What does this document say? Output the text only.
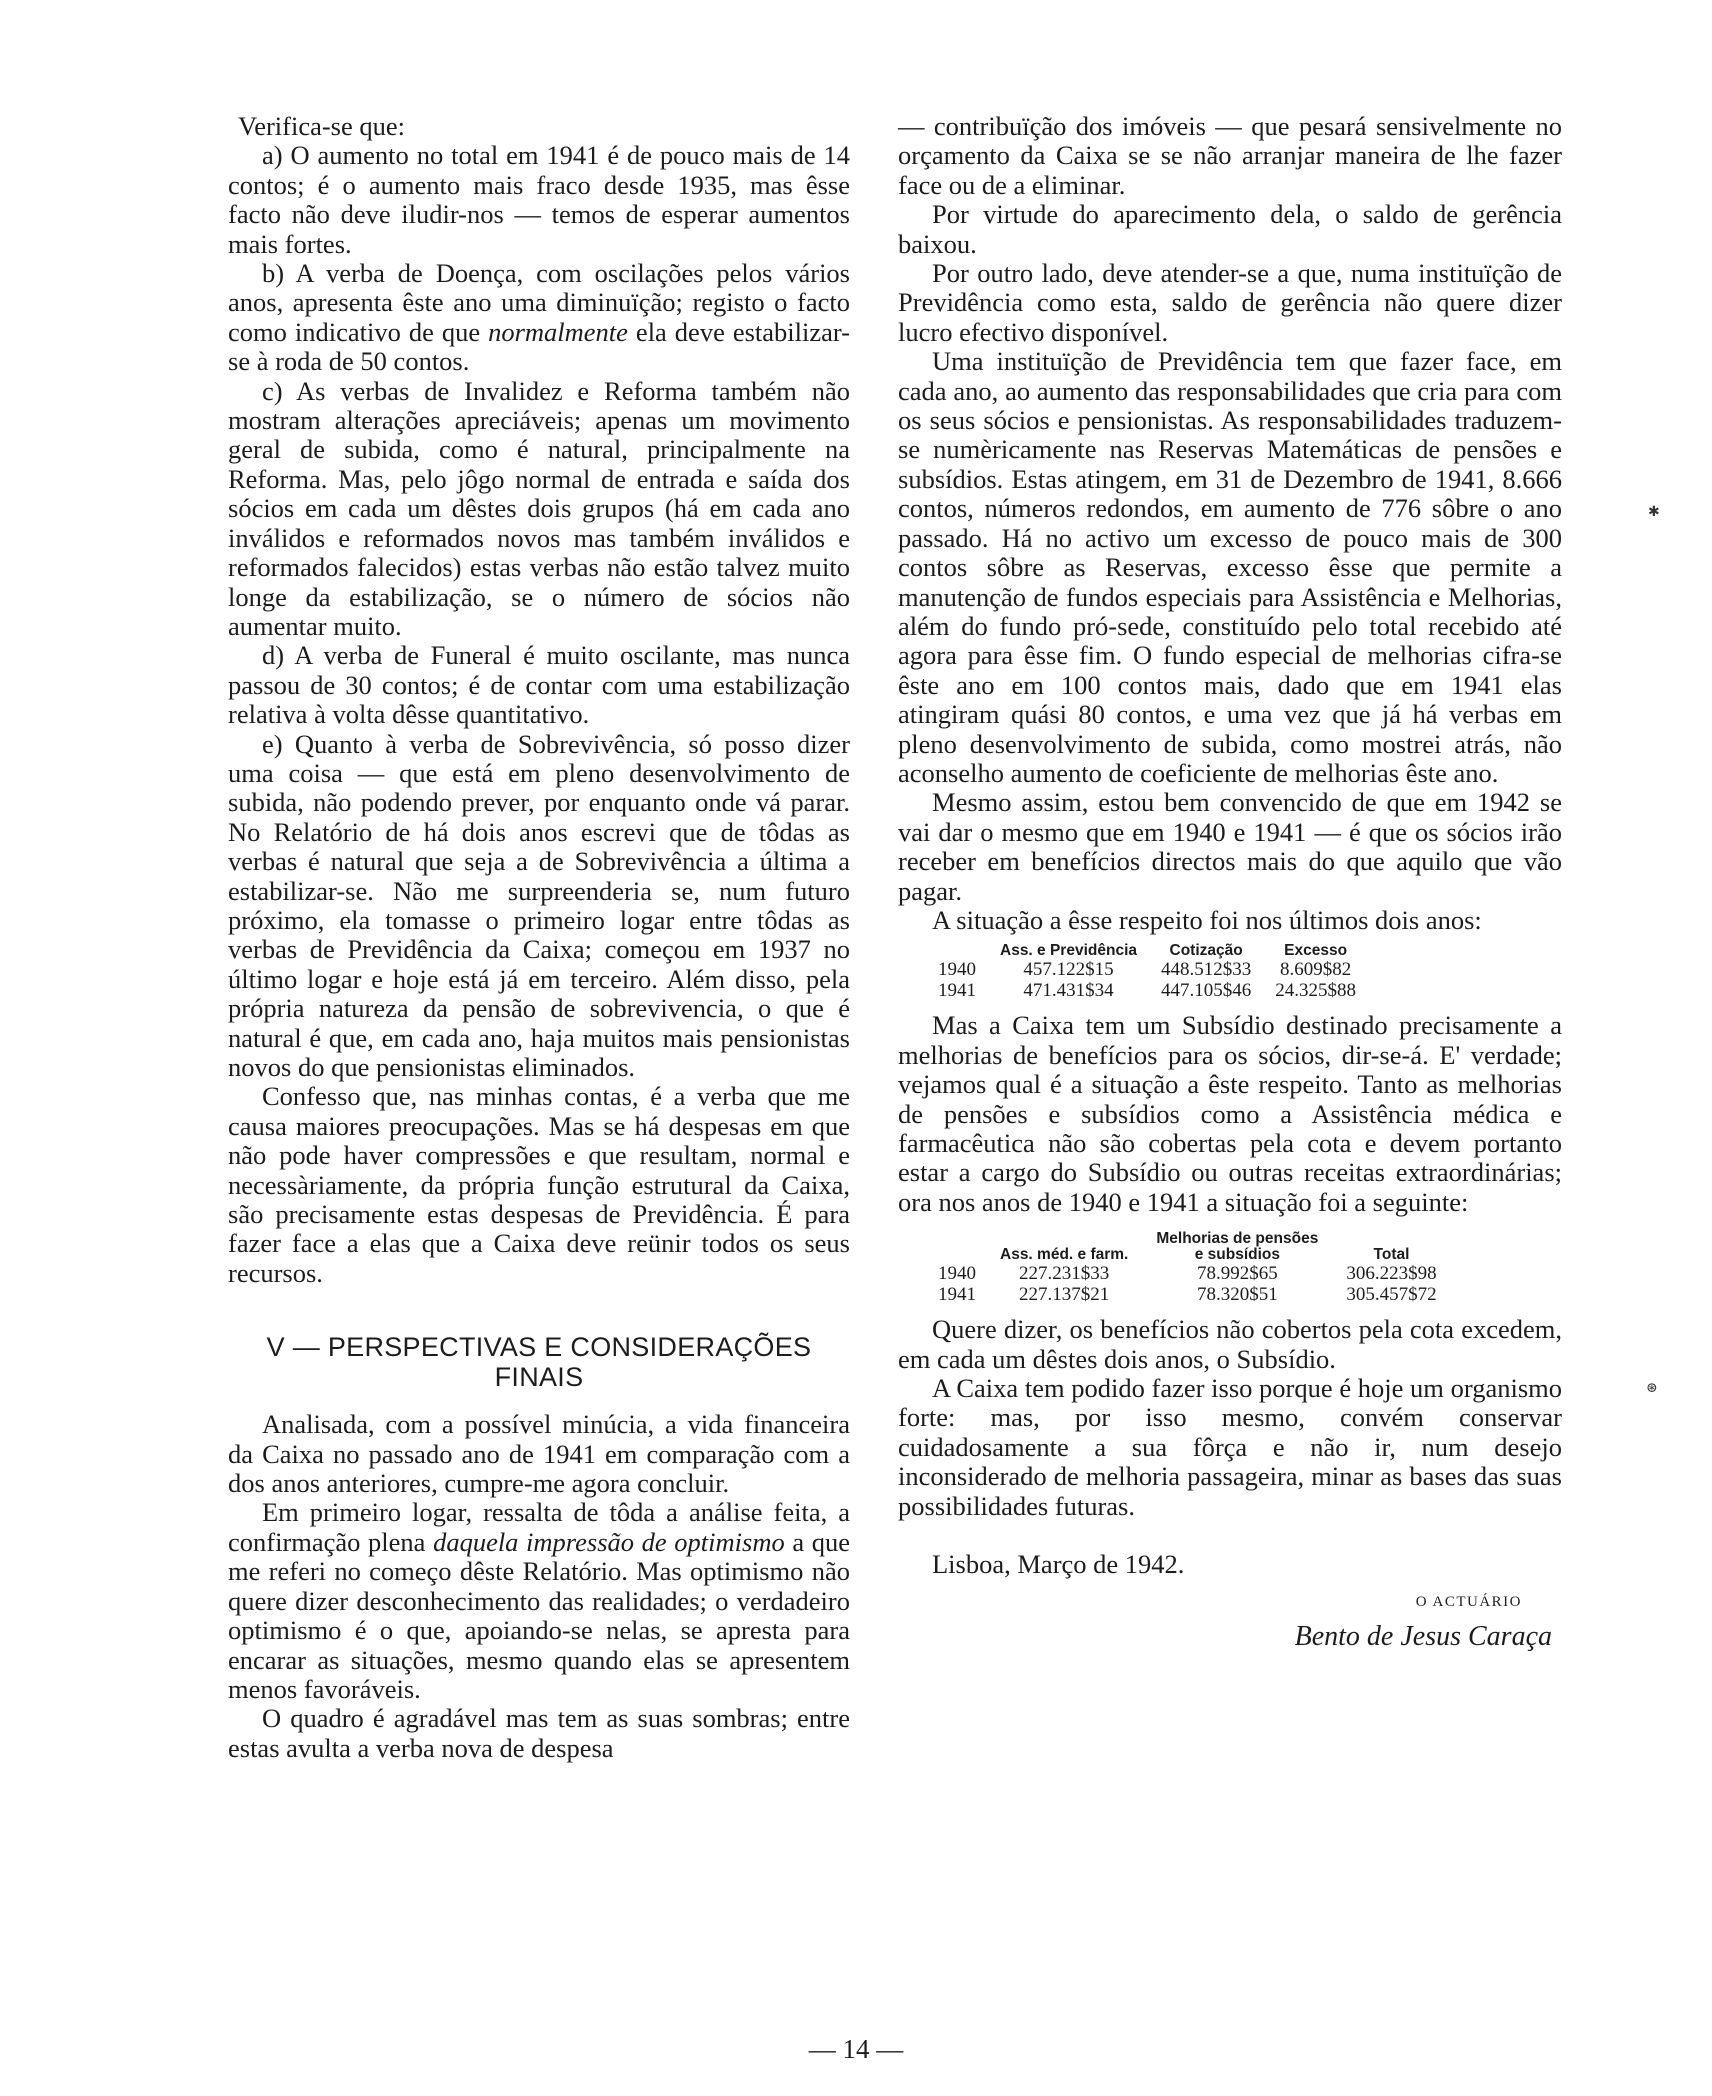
Verifica-se que:

a) O aumento no total em 1941 é de pouco mais de 14 contos; é o aumento mais fraco desde 1935, mas êsse facto não deve iludir-nos — temos de esperar aumentos mais fortes.

b) A verba de Doença, com oscilações pelos vários anos, apresenta êste ano uma diminuïção; registo o facto como indicativo de que normalmente ela deve estabilizar-se à roda de 50 contos.

c) As verbas de Invalidez e Reforma também não mostram alterações apreciáveis; apenas um movimento geral de subida, como é natural, principalmente na Reforma. Mas, pelo jôgo normal de entrada e saída dos sócios em cada um dêstes dois grupos (há em cada ano inválidos e reformados novos mas também inválidos e reformados falecidos) estas verbas não estão talvez muito longe da estabilização, se o número de sócios não aumentar muito.

d) A verba de Funeral é muito oscilante, mas nunca passou de 30 contos; é de contar com uma estabilização relativa à volta dêsse quantitativo.

e) Quanto à verba de Sobrevivência, só posso dizer uma coisa — que está em pleno desenvolvimento de subida, não podendo prever, por enquanto onde vá parar. No Relatório de há dois anos escrevi que de tôdas as verbas é natural que seja a de Sobrevivência a última a estabilizar-se. Não me surpreenderia se, num futuro próximo, ela tomasse o primeiro logar entre tôdas as verbas de Previdência da Caixa; começou em 1937 no último logar e hoje está já em terceiro. Além disso, pela própria natureza da pensão de sobrevivencia, o que é natural é que, em cada ano, haja muitos mais pensionistas novos do que pensionistas eliminados.

Confesso que, nas minhas contas, é a verba que me causa maiores preocupações. Mas se há despesas em que não pode haver compressões e que resultam, normal e necessàriamente, da própria função estrutural da Caixa, são precisamente estas despesas de Previdência. É para fazer face a elas que a Caixa deve reünir todos os seus recursos.

V — PERSPECTIVAS E CONSIDERAÇÕES
FINAIS

Analisada, com a possível minúcia, a vida financeira da Caixa no passado ano de 1941 em comparação com a dos anos anteriores, cumpre-me agora concluir.

Em primeiro logar, ressalta de tôda a análise feita, a confirmação plena daquela impressão de optimismo a que me referi no começo dêste Relatório. Mas optimismo não quere dizer desconhecimento das realidades; o verdadeiro optimismo é o que, apoiando-se nelas, se apresta para encarar as situações, mesmo quando elas se apresentem menos favoráveis.

O quadro é agradável mas tem as suas sombras; entre estas avulta a verba nova de despesa

— contribuïção dos imóveis — que pesará sensivelmente no orçamento da Caixa se se não arranjar maneira de lhe fazer face ou de a eliminar.

Por virtude do aparecimento dela, o saldo de gerência baixou.

Por outro lado, deve atender-se a que, numa instituïção de Previdência como esta, saldo de gerência não quere dizer lucro efectivo disponível.

Uma instituïção de Previdência tem que fazer face, em cada ano, ao aumento das responsabilidades que cria para com os seus sócios e pensionistas. As responsabilidades traduzem-se numèricamente nas Reservas Matemáticas de pensões e subsídios. Estas atingem, em 31 de Dezembro de 1941, 8.666 contos, números redondos, em aumento de 776 sôbre o ano passado. Há no activo um excesso de pouco mais de 300 contos sôbre as Reservas, excesso êsse que permite a manutenção de fundos especiais para Assistência e Melhorias, além do fundo pró-sede, constituído pelo total recebido até agora para êsse fim. O fundo especial de melhorias cifra-se êste ano em 100 contos mais, dado que em 1941 elas atingiram quási 80 contos, e uma vez que já há verbas em pleno desenvolvimento de subida, como mostrei atrás, não aconselho aumento de coeficiente de melhorias êste ano.

Mesmo assim, estou bem convencido de que em 1942 se vai dar o mesmo que em 1940 e 1941 — é que os sócios irão receber em benefícios directos mais do que aquilo que vão pagar.

A situação a êsse respeito foi nos últimos dois anos:

	Ass. e Previdência	Cotização	Excesso
1940	457.122$15	448.512$33	8.609$82
1941	471.431$34	447.105$46	24.325$88

Mas a Caixa tem um Subsídio destinado precisamente a melhorias de benefícios para os sócios, dir-se-á. E' verdade; vejamos qual é a situação a êste respeito. Tanto as melhorias de pensões e subsídios como a Assistência médica e farmacêutica não são cobertas pela cota e devem portanto estar a cargo do Subsídio ou outras receitas extraordinárias; ora nos anos de 1940 e 1941 a situação foi a seguinte:

	Ass. méd. e farm.	Melhorias de pensões e subsídios	Total
1940	227.231$33	78.992$65	306.223$98
1941	227.137$21	78.320$51	305.457$72

Quere dizer, os benefícios não cobertos pela cota excedem, em cada um dêstes dois anos, o Subsídio.

A Caixa tem podido fazer isso porque é hoje um organismo forte: mas, por isso mesmo, convém conservar cuidadosamente a sua fôrça e não ir, num desejo inconsiderado de melhoria passageira, minar as bases das suas possibilidades futuras.

Lisboa, Março de 1942.

O ACTUÁRIO

Bento de Jesus Caraça

✱
⊛
— 14 —
